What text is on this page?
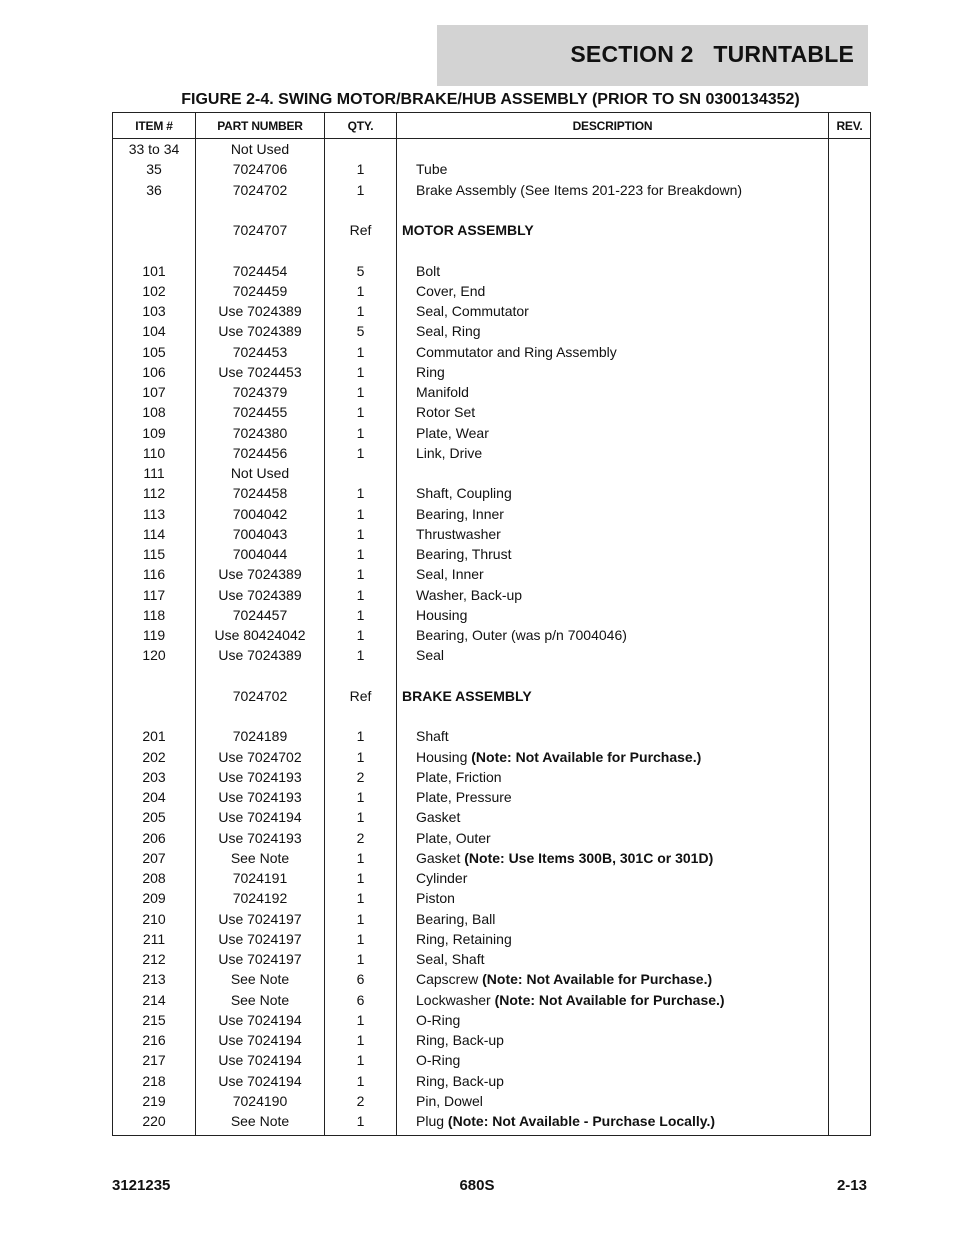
SECTION 2   TURNTABLE
FIGURE 2-4. SWING MOTOR/BRAKE/HUB ASSEMBLY (PRIOR TO SN 0300134352)
ITEM #	PART NUMBER	QTY.	DESCRIPTION	REV.
33 to 34	Not Used			
35	7024706	1	Tube	
36	7024702	1	Brake Assembly (See Items 201-223 for Breakdown)	

	7024707	Ref	MOTOR ASSEMBLY	

101	7024454	5	Bolt	
102	7024459	1	Cover, End	
103	Use 7024389	1	Seal, Commutator	
104	Use 7024389	5	Seal, Ring	
105	7024453	1	Commutator and Ring Assembly	
106	Use 7024453	1	Ring	
107	7024379	1	Manifold	
108	7024455	1	Rotor Set	
109	7024380	1	Plate, Wear	
110	7024456	1	Link, Drive	
111	Not Used			
112	7024458	1	Shaft, Coupling	
113	7004042	1	Bearing, Inner	
114	7004043	1	Thrustwasher	
115	7004044	1	Bearing, Thrust	
116	Use 7024389	1	Seal, Inner	
117	Use 7024389	1	Washer, Back-up	
118	7024457	1	Housing	
119	Use 80424042	1	Bearing, Outer (was p/n 7004046)	
120	Use 7024389	1	Seal	

	7024702	Ref	BRAKE ASSEMBLY	

201	7024189	1	Shaft	
202	Use 7024702	1	Housing (Note: Not Available for Purchase.)	
203	Use 7024193	2	Plate, Friction	
204	Use 7024193	1	Plate, Pressure	
205	Use 7024194	1	Gasket	
206	Use 7024193	2	Plate, Outer	
207	See Note	1	Gasket (Note: Use Items 300B, 301C or 301D)	
208	7024191	1	Cylinder	
209	7024192	1	Piston	
210	Use 7024197	1	Bearing, Ball	
211	Use 7024197	1	Ring, Retaining	
212	Use 7024197	1	Seal, Shaft	
213	See Note	6	Capscrew (Note: Not Available for Purchase.)	
214	See Note	6	Lockwasher (Note: Not Available for Purchase.)	
215	Use 7024194	1	O-Ring	
216	Use 7024194	1	Ring, Back-up	
217	Use 7024194	1	O-Ring	
218	Use 7024194	1	Ring, Back-up	
219	7024190	2	Pin, Dowel	
220	See Note	1	Plug (Note: Not Available - Purchase Locally.)	
3121235	680S	2-13
